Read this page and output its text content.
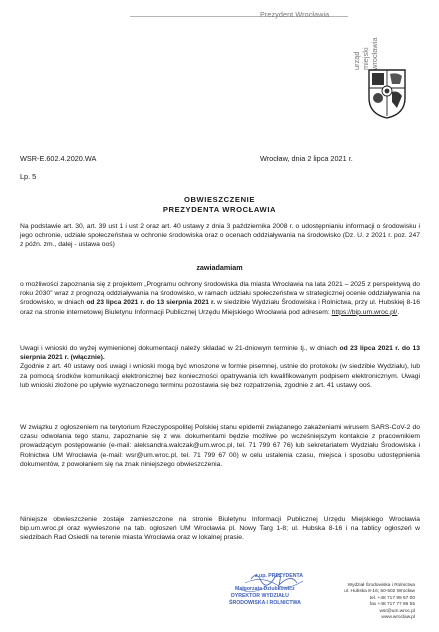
Prezydent Wrocławia
urząd miejski wrocławia
WSR-E.602.4.2020.WA
Lp. 5
Wrocław, dnia 2 lipca 2021 r.
OBWIESZCZENIE
PREZYDENTA WROCŁAWIA
Na podstawie art. 30, art. 39 ust 1 i ust 2 oraz art. 40 ustawy z dnia 3 października 2008 r. o udostępnianiu informacji o środowisku i jego ochronie, udziale społeczeństwa w ochronie środowiska oraz o ocenach oddziaływania na środowisko (Dz. U. z 2021 r. poz. 247 z późn. zm., dalej - ustawa ooś)
zawiadamiam
o możliwości zapoznania się z projektem „Programu ochrony środowiska dla miasta Wrocławia na lata 2021 – 2025 z perspektywą do roku 2030” wraz z prognozą oddziaływania na środowisko, w ramach udziału społeczeństwa w strategicznej ocenie oddziaływania na środowisko, w dniach od 23 lipca 2021 r. do 13 sierpnia 2021 r. w siedzibie Wydziału Środowiska i Rolnictwa, przy ul. Hubskiej 8-16 oraz na stronie internetowej Biuletynu Informacji Publicznej Urzędu Miejskiego Wrocławia pod adresem: https://bip.um.wroc.pl/.
Uwagi i wnioski do wyżej wymienionej dokumentacji należy składać w 21-dniowym terminie tj., w dniach od 23 lipca 2021 r. do 13 sierpnia 2021 r. (włącznie).
Zgodnie z art. 40 ustawy ooś uwagi i wnioski mogą być wnoszone w formie pisemnej, ustnie do protokołu (w siedzibie Wydziału), lub za pomocą środków komunikacji elektronicznej bez konieczności opatrywania ich kwalifikowanym podpisem elektronicznym. Uwagi lub wnioski złożone po upływie wyznaczonego terminu pozostawia się bez rozpatrzenia, zgodnie z art. 41 ustawy ooś.
W związku z ogłoszeniem na terytorium Rzeczypospolitej Polskiej stanu epidemii związanego zakażeniami wirusem SARS-CoV-2 do czasu odwołania tego stanu, zapoznanie się z ww. dokumentami będzie możliwe po wcześniejszym kontakcie z pracownikiem prowadzącym postępowanie (e-mail: aleksandra.walczak@um.wroc.pl, tel. 71 799 67 76) lub sekretariatem Wydziału Środowiska i Rolnictwa UM Wrocławia (e-mail: wsr@um.wroc.pl, tel. 71 799 67 00) w celu ustalenia czasu, miejsca i sposobu udostępnienia dokumentów, z powołaniem się na znak niniejszego obwieszczenia.
Niniejsze obwieszczenie zostaje zamieszczone na stronie Biuletynu Informacji Publicznej Urzędu Miejskiego Wrocławia bip.um.wroc.pl oraz wywieszone na tab. ogłoszeń UM Wrocławia pl. Nowy Targ 1-8; ul. Hubska 8-16 i na tablicy ogłoszeń w siedzibach Rad Osiedli na terenie miasta Wrocławia oraz w lokalnej prasie.
z up. PREZYDENTA
Małgorzata Dziubkowicz
DYREKTOR WYDZIAŁU
ŚRODOWISKA I ROLNICTWA
Wydział Środowiska i Rolnictwa
ul. Hubska 8-16; 50-502 Wrocław
tel. +48 717 99 67 00
fax +48 717 77 86 55
wsr@um.wroc.pl
www.wroclaw.pl
